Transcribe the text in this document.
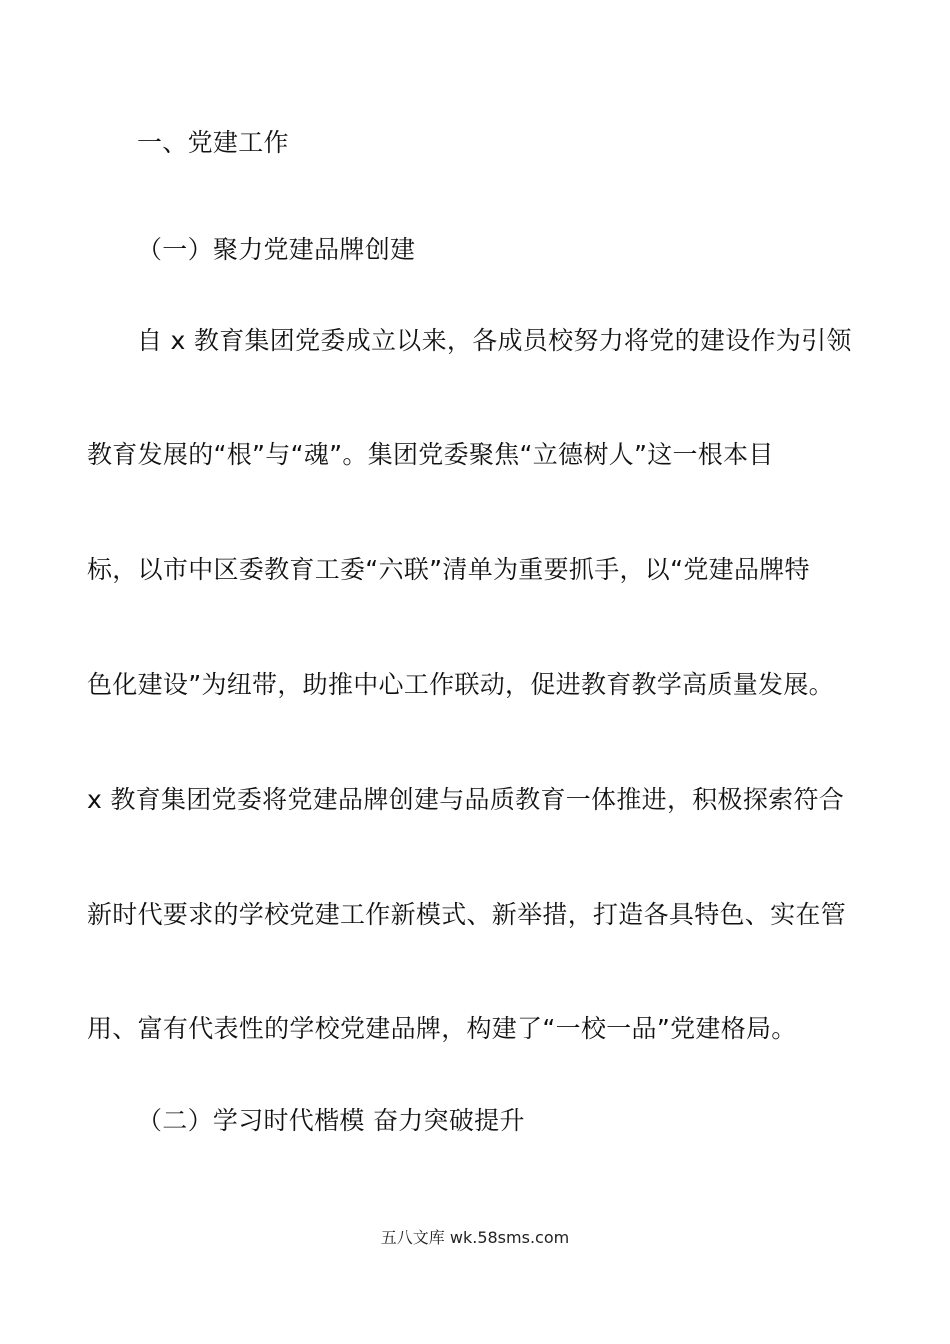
一、党建工作
（一）聚力党建品牌创建
自 x 教育集团党委成立以来，各成员校努力将党的建设作为引领
教育发展的“根”与“魂”。集团党委聚焦“立德树人”这一根本目
标，以市中区委教育工委“六联”清单为重要抓手，以“党建品牌特
色化建设”为纽带，助推中心工作联动，促进教育教学高质量发展。
x 教育集团党委将党建品牌创建与品质教育一体推进，积极探索符合
新时代要求的学校党建工作新模式、新举措，打造各具特色、实在管
用、富有代表性的学校党建品牌，构建了“一校一品”党建格局。
（二）学习时代楷模 奋力突破提升
五八文库 wk.58sms.com
